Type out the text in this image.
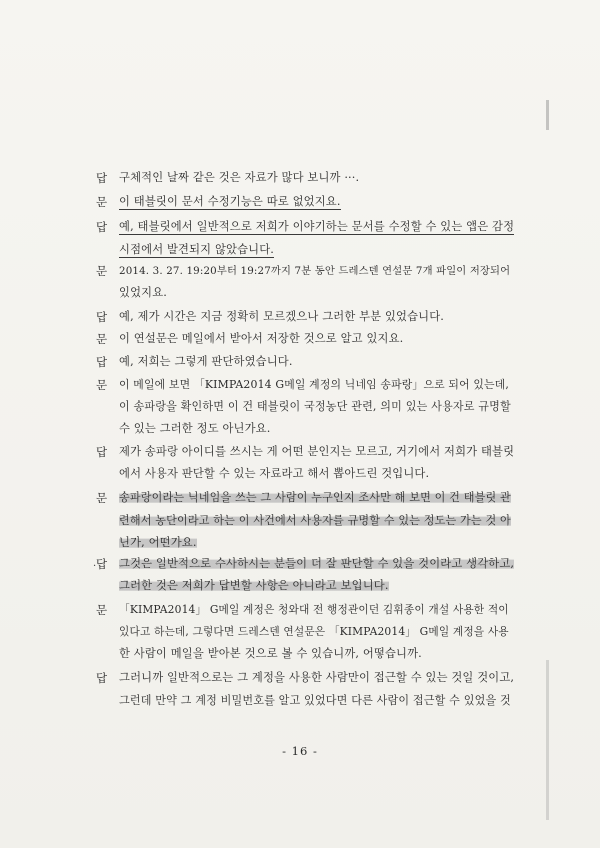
·
답	구체적인 날짜 같은 것은 자료가 많다 보니까 ···.
문	이 태블릿이 문서 수정기능은 따로 없었지요.
답	예, 태블릿에서 일반적으로 저희가 이야기하는 문서를 수정할 수 있는 앱은 감정
시점에서 발견되지 않았습니다.
문	2014. 3. 27. 19:20부터 19:27까지 7분 동안 드레스덴 연설문 7개 파일이 저장되어
있었지요.
답	예, 제가 시간은 지금 정확히 모르겠으나 그러한 부분 있었습니다.
문	이 연설문은 메일에서 받아서 저장한 것으로 알고 있지요.
답	예, 저희는 그렇게 판단하였습니다.
문	이 메일에 보면 「KIMPA2014 G메일 계정의 닉네임 송파랑」으로 되어 있는데,
이 송파랑을 확인하면 이 건 태블릿이 국정농단 관련, 의미 있는 사용자로 규명할
수 있는 그러한 정도 아닌가요.
답	제가 송파랑 아이디를 쓰시는 게 어떤 분인지는 모르고, 거기에서 저희가 태블릿
에서 사용자 판단할 수 있는 자료라고 해서 뽑아드린 것입니다.
문	송파랑이라는 닉네임을 쓰는 그 사람이 누구인지 조사만 해 보면 이 건 태블릿 관
련해서 농단이라고 하는 이 사건에서 사용자를 규명할 수 있는 정도는 가는 것 아
닌가, 어떤가요.
답	그것은 일반적으로 수사하시는 분들이 더 잘 판단할 수 있을 것이라고 생각하고,
그러한 것은 저희가 답변할 사항은 아니라고 보입니다.
문	「KIMPA2014」 G메일 계정은 청와대 전 행정관이던 김휘종이 개설 사용한 적이
있다고 하는데, 그렇다면 드레스덴 연설문은 「KIMPA2014」 G메일 계정을 사용
한 사람이 메일을 받아본 것으로 볼 수 있습니까, 어떻습니까.
답	그러니까 일반적으로는 그 계정을 사용한 사람만이 접근할 수 있는 것일 것이고,
그런데 만약 그 계정 비밀번호를 알고 있었다면 다른 사람이 접근할 수 있었을 것
- 16 -
